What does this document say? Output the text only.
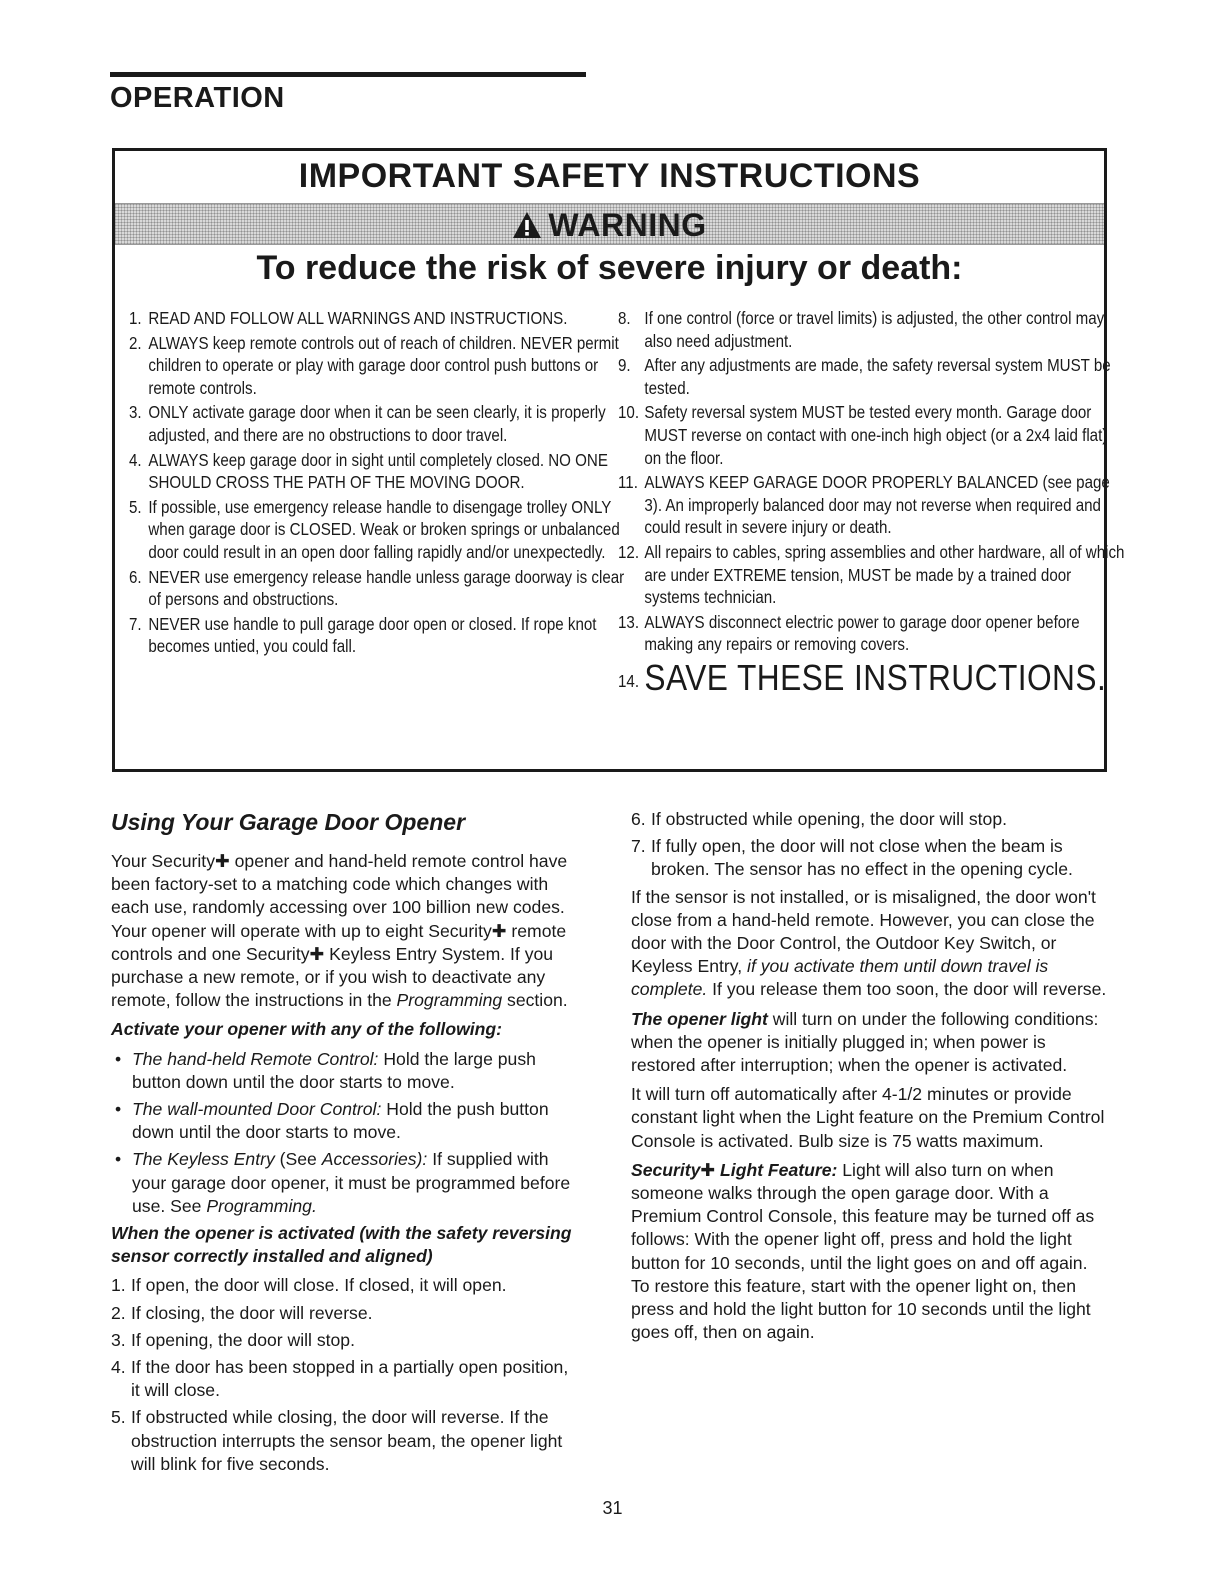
OPERATION
IMPORTANT SAFETY INSTRUCTIONS
WARNING
To reduce the risk of severe injury or death:
1. READ AND FOLLOW ALL WARNINGS AND INSTRUCTIONS.
2. ALWAYS keep remote controls out of reach of children. NEVER permit children to operate or play with garage door control push buttons or remote controls.
3. ONLY activate garage door when it can be seen clearly, it is properly adjusted, and there are no obstructions to door travel.
4. ALWAYS keep garage door in sight until completely closed. NO ONE SHOULD CROSS THE PATH OF THE MOVING DOOR.
5. If possible, use emergency release handle to disengage trolley ONLY when garage door is CLOSED. Weak or broken springs or unbalanced door could result in an open door falling rapidly and/or unexpectedly.
6. NEVER use emergency release handle unless garage doorway is clear of persons and obstructions.
7. NEVER use handle to pull garage door open or closed. If rope knot becomes untied, you could fall.
8. If one control (force or travel limits) is adjusted, the other control may also need adjustment.
9. After any adjustments are made, the safety reversal system MUST be tested.
10. Safety reversal system MUST be tested every month. Garage door MUST reverse on contact with one-inch high object (or a 2x4 laid flat) on the floor.
11. ALWAYS KEEP GARAGE DOOR PROPERLY BALANCED (see page 3). An improperly balanced door may not reverse when required and could result in severe injury or death.
12. All repairs to cables, spring assemblies and other hardware, all of which are under EXTREME tension, MUST be made by a trained door systems technician.
13. ALWAYS disconnect electric power to garage door opener before making any repairs or removing covers.
14. SAVE THESE INSTRUCTIONS.
Using Your Garage Door Opener

Your Security✚ opener and hand-held remote control have been factory-set to a matching code which changes with each use, randomly accessing over 100 billion new codes. Your opener will operate with up to eight Security✚ remote controls and one Security✚ Keyless Entry System. If you purchase a new remote, or if you wish to deactivate any remote, follow the instructions in the Programming section.

Activate your opener with any of the following:

• The hand-held Remote Control: Hold the large push button down until the door starts to move.
• The wall-mounted Door Control: Hold the push button down until the door starts to move.
• The Keyless Entry (See Accessories): If supplied with your garage door opener, it must be programmed before use. See Programming.

When the opener is activated (with the safety reversing sensor correctly installed and aligned)

1. If open, the door will close. If closed, it will open.
2. If closing, the door will reverse.
3. If opening, the door will stop.
4. If the door has been stopped in a partially open position, it will close.
5. If obstructed while closing, the door will reverse. If the obstruction interrupts the sensor beam, the opener light will blink for five seconds.
6. If obstructed while opening, the door will stop.
7. If fully open, the door will not close when the beam is broken. The sensor has no effect in the opening cycle.

If the sensor is not installed, or is misaligned, the door won't close from a hand-held remote. However, you can close the door with the Door Control, the Outdoor Key Switch, or Keyless Entry, if you activate them until down travel is complete. If you release them too soon, the door will reverse.

The opener light will turn on under the following conditions: when the opener is initially plugged in; when power is restored after interruption; when the opener is activated.

It will turn off automatically after 4-1/2 minutes or provide constant light when the Light feature on the Premium Control Console is activated. Bulb size is 75 watts maximum.

Security✚ Light Feature: Light will also turn on when someone walks through the open garage door. With a Premium Control Console, this feature may be turned off as follows: With the opener light off, press and hold the light button for 10 seconds, until the light goes on and off again. To restore this feature, start with the opener light on, then press and hold the light button for 10 seconds until the light goes off, then on again.

31
